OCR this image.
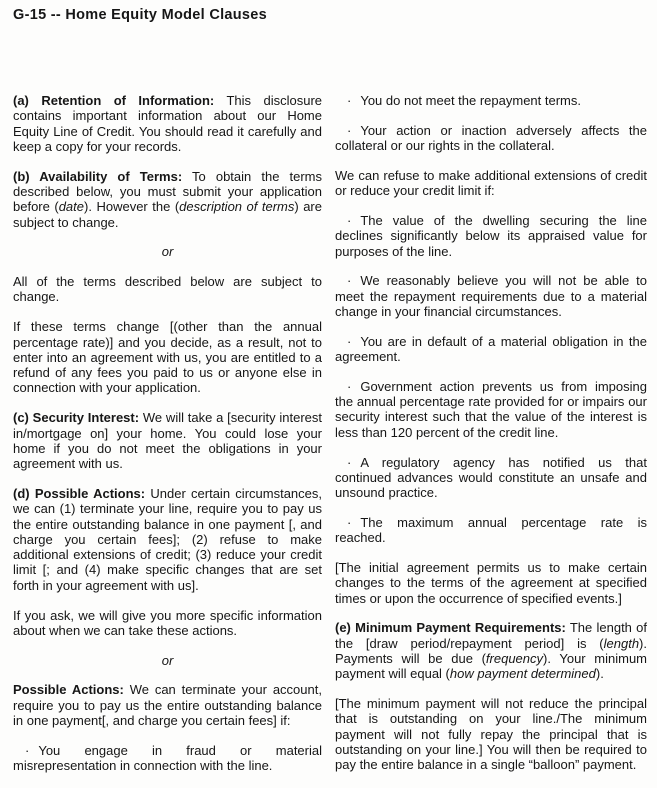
G-15 -- Home Equity Model Clauses
(a) Retention of Information: This disclosure contains important information about our Home Equity Line of Credit. You should read it carefully and keep a copy for your records.
(b) Availability of Terms: To obtain the terms described below, you must submit your application before (date). However the (description of terms) are subject to change.
or
All of the terms described below are subject to change.
If these terms change [(other than the annual percentage rate)] and you decide, as a result, not to enter into an agreement with us, you are entitled to a refund of any fees you paid to us or anyone else in connection with your application.
(c) Security Interest: We will take a [security interest in/mortgage on] your home. You could lose your home if you do not meet the obligations in your agreement with us.
(d) Possible Actions: Under certain circumstances, we can (1) terminate your line, require you to pay us the entire outstanding balance in one payment [, and charge you certain fees]; (2) refuse to make additional extensions of credit; (3) reduce your credit limit [; and (4) make specific changes that are set forth in your agreement with us].
If you ask, we will give you more specific information about when we can take these actions.
or
Possible Actions: We can terminate your account, require you to pay us the entire outstanding balance in one payment[, and charge you certain fees] if:
· You engage in fraud or material misrepresentation in connection with the line.
· You do not meet the repayment terms.
· Your action or inaction adversely affects the collateral or our rights in the collateral.
We can refuse to make additional extensions of credit or reduce your credit limit if:
· The value of the dwelling securing the line declines significantly below its appraised value for purposes of the line.
· We reasonably believe you will not be able to meet the repayment requirements due to a material change in your financial circumstances.
· You are in default of a material obligation in the agreement.
· Government action prevents us from imposing the annual percentage rate provided for or impairs our security interest such that the value of the interest is less than 120 percent of the credit line.
· A regulatory agency has notified us that continued advances would constitute an unsafe and unsound practice.
· The maximum annual percentage rate is reached.
[The initial agreement permits us to make certain changes to the terms of the agreement at specified times or upon the occurrence of specified events.]
(e) Minimum Payment Requirements: The length of the [draw period/repayment period] is (length). Payments will be due (frequency). Your minimum payment will equal (how payment determined).
[The minimum payment will not reduce the principal that is outstanding on your line./The minimum payment will not fully repay the principal that is outstanding on your line.] You will then be required to pay the entire balance in a single “balloon” payment.
